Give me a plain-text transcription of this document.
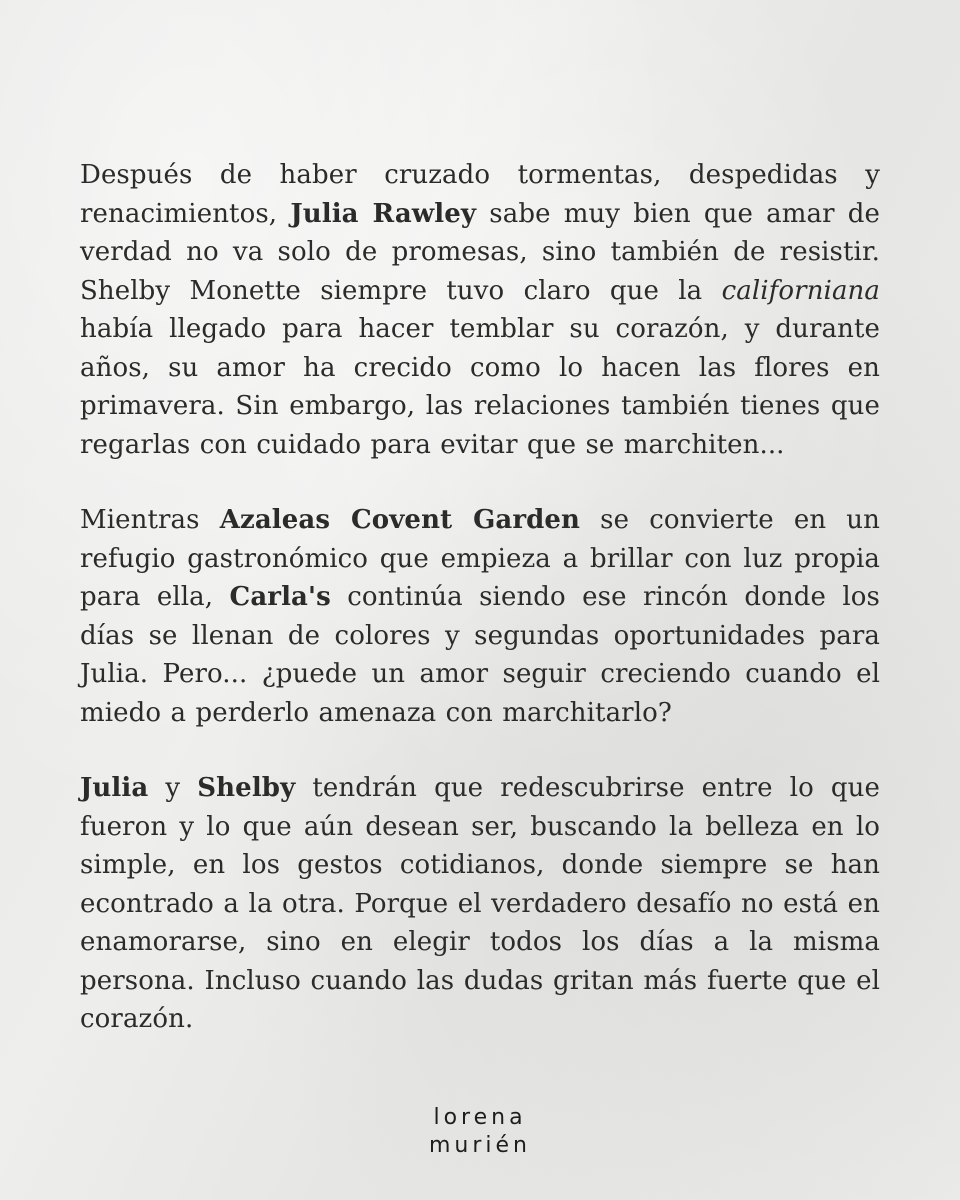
Después de haber cruzado tormentas, despedidas y renacimientos, Julia Rawley sabe muy bien que amar de verdad no va solo de promesas, sino también de resistir. Shelby Monette siempre tuvo claro que la californiana había llegado para hacer temblar su corazón, y durante años, su amor ha crecido como lo hacen las flores en primavera. Sin embargo, las relaciones también tienes que regarlas con cuidado para evitar que se marchiten...

Mientras Azaleas Covent Garden se convierte en un refugio gastronómico que empieza a brillar con luz propia para ella, Carla's continúa siendo ese rincón donde los días se llenan de colores y segundas oportunidades para Julia. Pero... ¿puede un amor seguir creciendo cuando el miedo a perderlo amenaza con marchitarlo?

Julia y Shelby tendrán que redescubrirse entre lo que fueron y lo que aún desean ser, buscando la belleza en lo simple, en los gestos cotidianos, donde siempre se han econtrado a la otra. Porque el verdadero desafío no está en enamorarse, sino en elegir todos los días a la misma persona. Incluso cuando las dudas gritan más fuerte que el corazón.

lorena
murién
